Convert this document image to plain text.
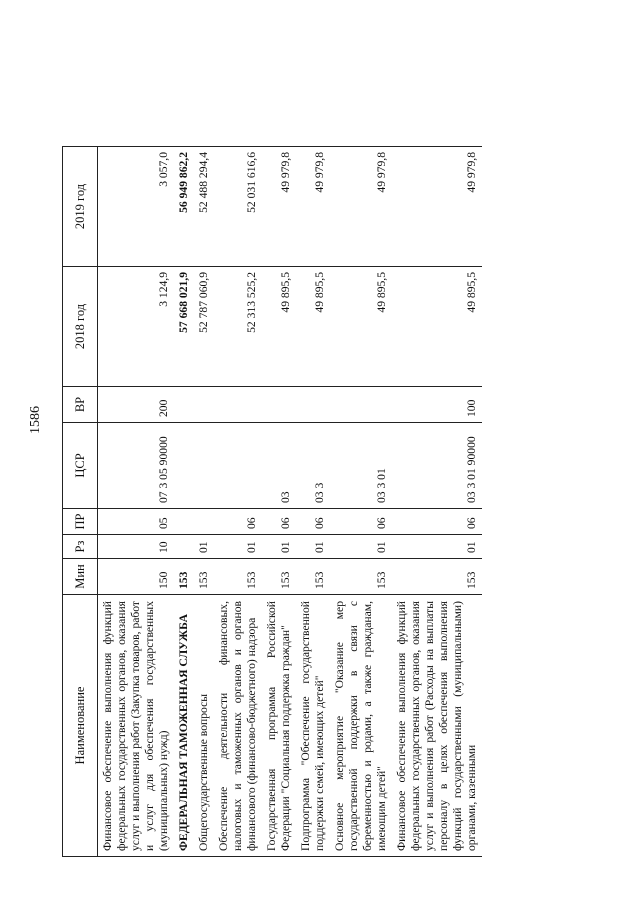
1586
Наименование	Мин	Рз	ПР	ЦСР	ВР	2018 год	2019 год
Финансовое обеспечение выполнения функций федеральных государственных органов, оказания услуг и выполнения работ (Закупка товаров, работ и услуг для обеспечения государственных (муниципальных) нужд)	150	10	05	07 3 05 90000	200	3 124,9	3 057,0
ФЕДЕРАЛЬНАЯ ТАМОЖЕННАЯ СЛУЖБА	153					57 668 021,9	56 949 862,2
Общегосударственные вопросы	153	01				52 787 060,9	52 488 294,4
Обеспечение деятельности финансовых, налоговых и таможенных органов и органов финансового (финансово-бюджетного) надзора	153	01	06			52 313 525,2	52 031 616,6
Государственная программа Российской Федерации "Социальная поддержка граждан"	153	01	06	03		49 895,5	49 979,8
Подпрограмма "Обеспечение государственной поддержки семей, имеющих детей"	153	01	06	03 3		49 895,5	49 979,8
Основное мероприятие "Оказание мер государственной поддержки в связи с беременностью и родами, а также гражданам, имеющим детей"	153	01	06	03 3 01		49 895,5	49 979,8
Финансовое обеспечение выполнения функций федеральных государственных органов, оказания услуг и выполнения работ (Расходы на выплаты персоналу в целях обеспечения выполнения функций государственными (муниципальными) органами, казенными	153	01	06	03 3 01 90000	100	49 895,5	49 979,8
